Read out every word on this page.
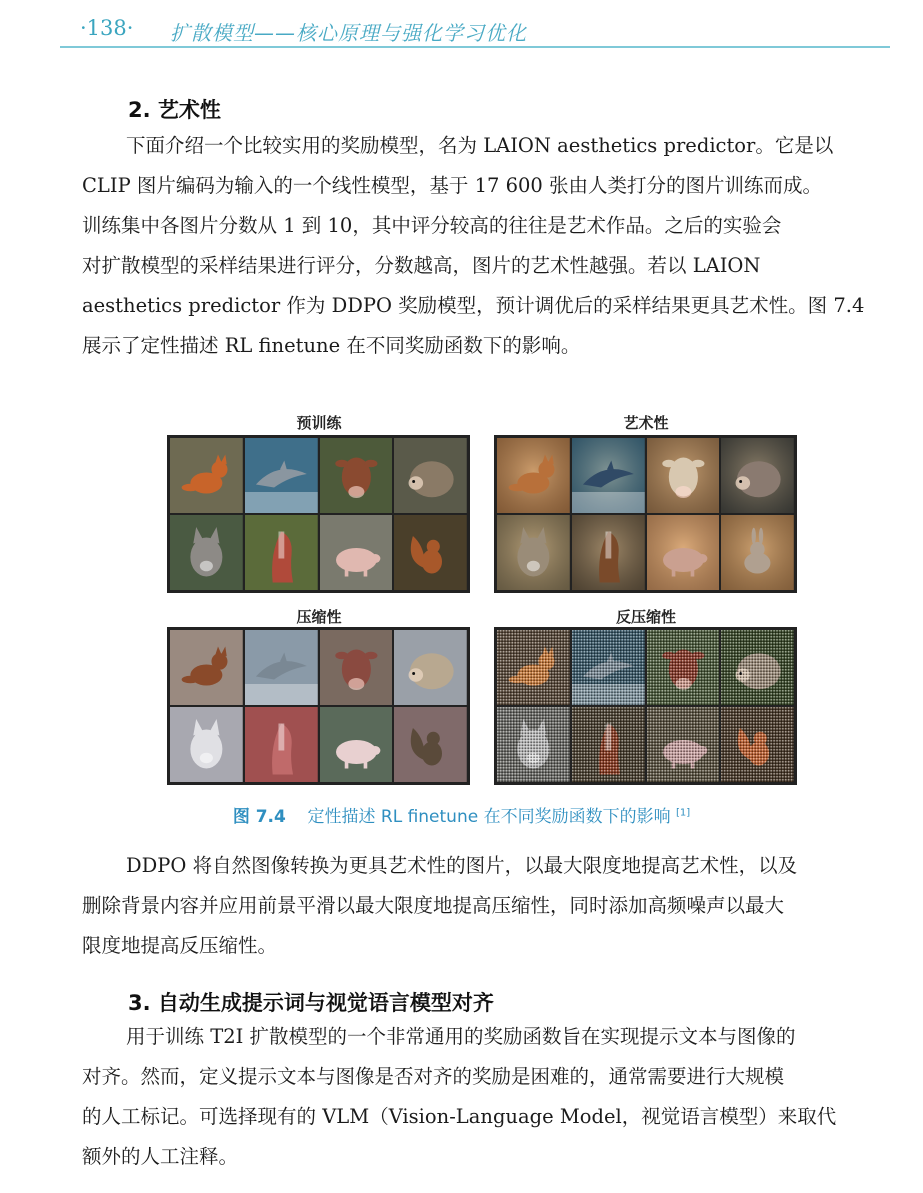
·138· 扩散模型——核心原理与强化学习优化
2. 艺术性
下面介绍一个比较实用的奖励模型，名为 LAION aesthetics predictor。它是以
CLIP 图片编码为输入的一个线性模型，基于 17 600 张由人类打分的图片训练而成。
训练集中各图片分数从 1 到 10，其中评分较高的往往是艺术作品。之后的实验会
对扩散模型的采样结果进行评分，分数越高，图片的艺术性越强。若以 LAION
aesthetics predictor 作为 DDPO 奖励模型，预计调优后的采样结果更具艺术性。图 7.4
展示了定性描述 RL finetune 在不同奖励函数下的影响。
预训练	艺术性
压缩性	反压缩性
图 7.4 定性描述 RL finetune 在不同奖励函数下的影响 [1]
DDPO 将自然图像转换为更具艺术性的图片，以最大限度地提高艺术性，以及
删除背景内容并应用前景平滑以最大限度地提高压缩性，同时添加高频噪声以最大
限度地提高反压缩性。
3. 自动生成提示词与视觉语言模型对齐
用于训练 T2I 扩散模型的一个非常通用的奖励函数旨在实现提示文本与图像的
对齐。然而，定义提示文本与图像是否对齐的奖励是困难的，通常需要进行大规模
的人工标记。可选择现有的 VLM（Vision-Language Model，视觉语言模型）来取代
额外的人工注释。
